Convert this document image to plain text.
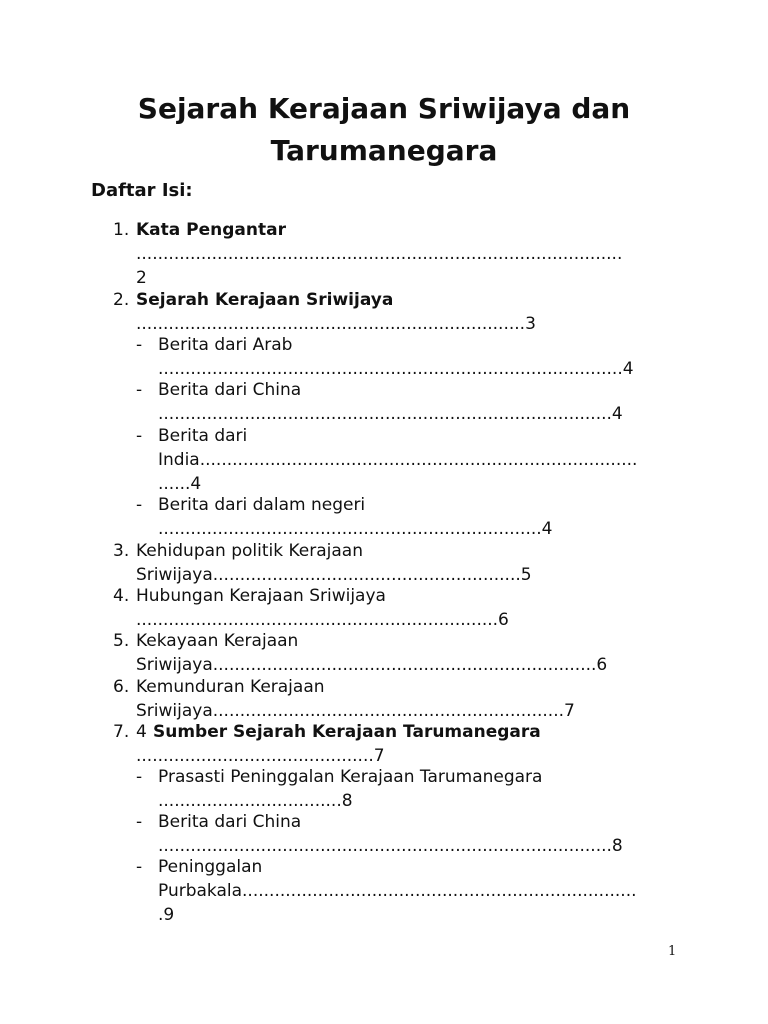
Sejarah Kerajaan Sriwijaya dan
Tarumanegara
Daftar Isi:
1. Kata Pengantar
..........................................................................................
2
2. Sejarah Kerajaan Sriwijaya
........................................................................3
- Berita dari Arab
......................................................................................4
- Berita dari China
....................................................................................4
- Berita dari
India.................................................................................
......4
- Berita dari dalam negeri
.......................................................................4
3. Kehidupan politik Kerajaan
Sriwijaya.........................................................5
4. Hubungan Kerajaan Sriwijaya
...................................................................6
5. Kekayaan Kerajaan
Sriwijaya.......................................................................6
6. Kemunduran Kerajaan
Sriwijaya.................................................................7
7. 4 Sumber Sejarah Kerajaan Tarumanegara
............................................7
- Prasasti Peninggalan Kerajaan Tarumanegara
..................................8
- Berita dari China
....................................................................................8
- Peninggalan
Purbakala.........................................................................
.9
1
